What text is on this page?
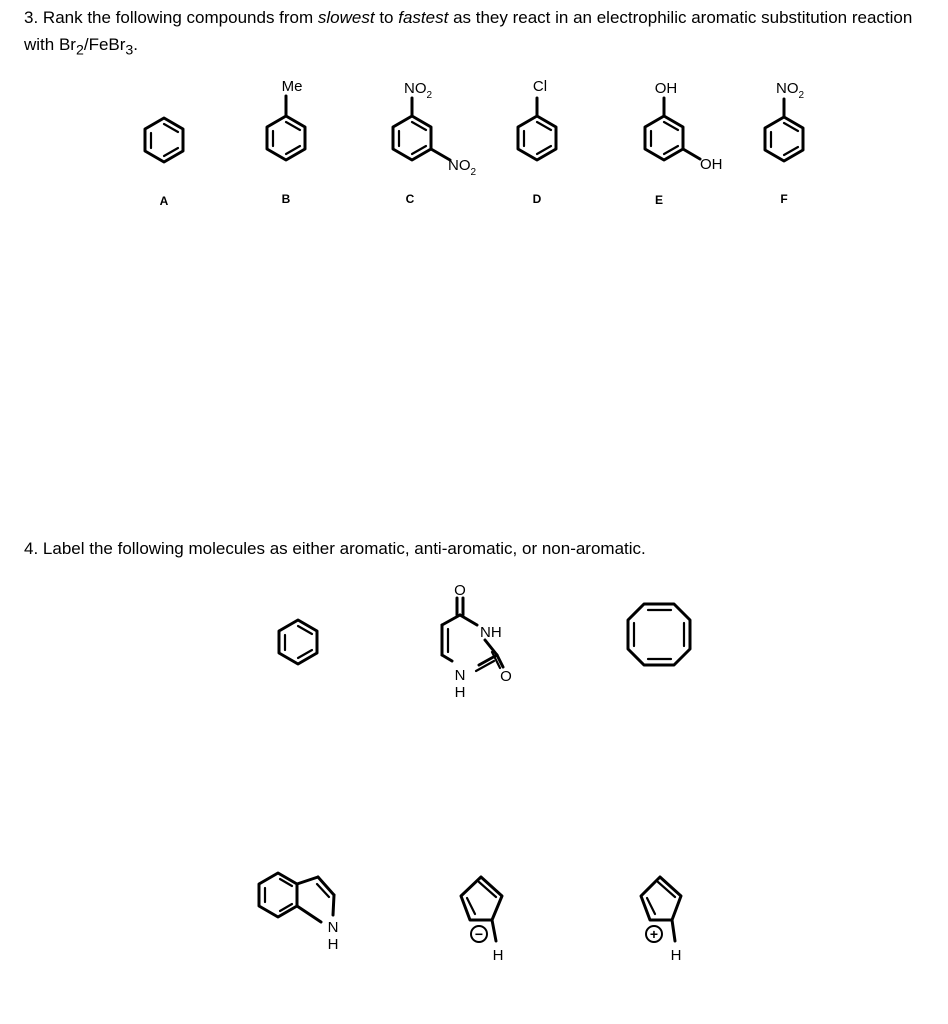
3. Rank the following compounds from slowest to fastest as they react in an electrophilic aromatic substitution reaction with $Br_2/FeBr_3$.
4. Label the following molecules as either aromatic, anti-aromatic, or non-aromatic.
A
Me
B
$NO_2$
$NO_2$
C
Cl
D
OH
OH
E
$NO_2$
F
O
NH
O
N
H
N
H
−
H
+
H
